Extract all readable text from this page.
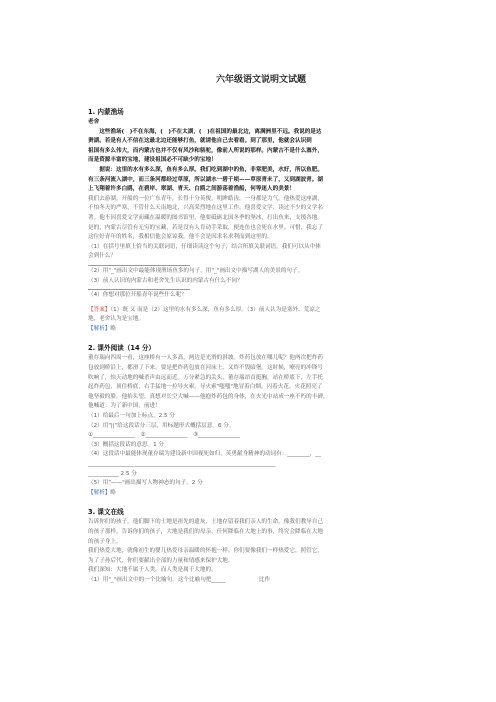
六年级语文说明文试题
1. 内蒙渔场
老舍
　　这些渔场(　)不在东海，(　)不在太湖，(　)在祖国的最北边，离满洲里不远。我说的是达
赉湖。若是有人不信在这最北边还能够打鱼，就请他自己去看看。到了那里，他就会认识到
祖国有多么伟大，而内蒙古也并不仅有风沙和骆驼，像前人所说的那样。内蒙古不是什么塞外，
而是资源丰富的宝地，建设祖国必不可缺少的宝地！
　　据说：这里的水有多么深，鱼有多么厚。我们吃到湖中的鱼，非常肥美，水好，所以鱼肥。
有三条河流入湖中，而三条河都经过草原，所以湖水一碧千顷——草原青未了，又到湖波青。湖
上飞翔着许多白鸥，在碧岸、翠湖、青天、白鸥之间游荡着渔船，何等迷人的美景！
我们去游湖。开船的一位广东青年，长得十分英俊，明眸皓齿，一身都是力气。他热爱这座湖，
不怕冬天的严寒，不管什么天南地北，兴高采烈地在这里工作。他喜爱文学，读过不少的文学名
著。他不因喜爱文学而藏在温暖的图书馆里，他要砥砺北国冬季的坚冰，打出鱼来，支援各地。
是的，内蒙古尽管有无穷的宝藏，若是没有人肯动手采取，便连鱼也会死在水里。可惜，我忘了
这位好青年的姓名，我相信他会原谅我。他不会是因求名求利而到这里的。
（1）在括号里填上恰当的关联词语，仔细读读这个句子，结合所填关联词语，我们可以从中体
会到什么？
（2）用"_"画出文中最能体现渔场鱼多的句子，用"_"画出文中描写湖人的美景的句子。
（3）前人认识的内蒙古和老舍先生认识的内蒙古有什么不同？
（4）你想对那位开船青年说些什么呢？
【答案】（1）既 又 而是（2）这里的水有多么深，鱼有多么厚。（3）前人认为是塞外、荒凉之
地，老舍认为是宝地。
【解析】略
2. 课外阅读（14 分）
董存瑞向四周一看，这座桥有一人多高，两边是光滑的斜坡。炸药包放在哪儿呢？他两次把炸药
包放到桥沿上，都滑了下来。要是把炸药包放在河床上，又炸不毁暗堡。这时候，嘹亮的冲锋号
吹响了，惊天动地的喊杀声由远而近。万分紧急的关头，董存瑞昂首挺胸，站在桥底下，左手托
起炸药包，顶住桥底，右手猛地一拉导火索。导火索"嗤嗤"地冒着白烟，闪着火花。火花照亮了
他坚毅的脸，他抬头望，真想对长空大喊——他抱炸药包的身体，在火光中站成一座不朽的丰碑。
他喊道：为了新中国，前进！
（1）给最后一句加上标点。2.5 分
（2）用"||"给这段话分三层，用标题形式概括层意。6 分。
①_______________　②_______________　③_______________
（3）概括这段话的意思。1 分
（4）这段话中最能体现董存瑞为建设新中国视死如归，英勇献身精神的动词有：________，__
___________________________________________________________________
___________ 2.5 分
（5）用"——"画出描写人物神态的句子。2 分
【解析】略
3. 课文在线
告诉你们的孩子，他们脚下的土地是祖先的遗灰，土地存留着我们亲人的生命。像我们教导自己
的孩子那样，告诉你们的孩子，大地是我们的母亲，任何降临在大地上的事，终究会降临在大地
的孩子身上。
我们热爱大地，就像初生的婴儿热爱母亲温暖的怀抱一样。你们要像我们一样热爱它，照管它，
为了子孙后代，你们要献出全部的力量和情感来保护大地。
我们深知：大地不属于人类，而人类是属于大地的。
（1）用"_"画出文中的一个比喻句。这个比喻句把_____　　　　　　比作
